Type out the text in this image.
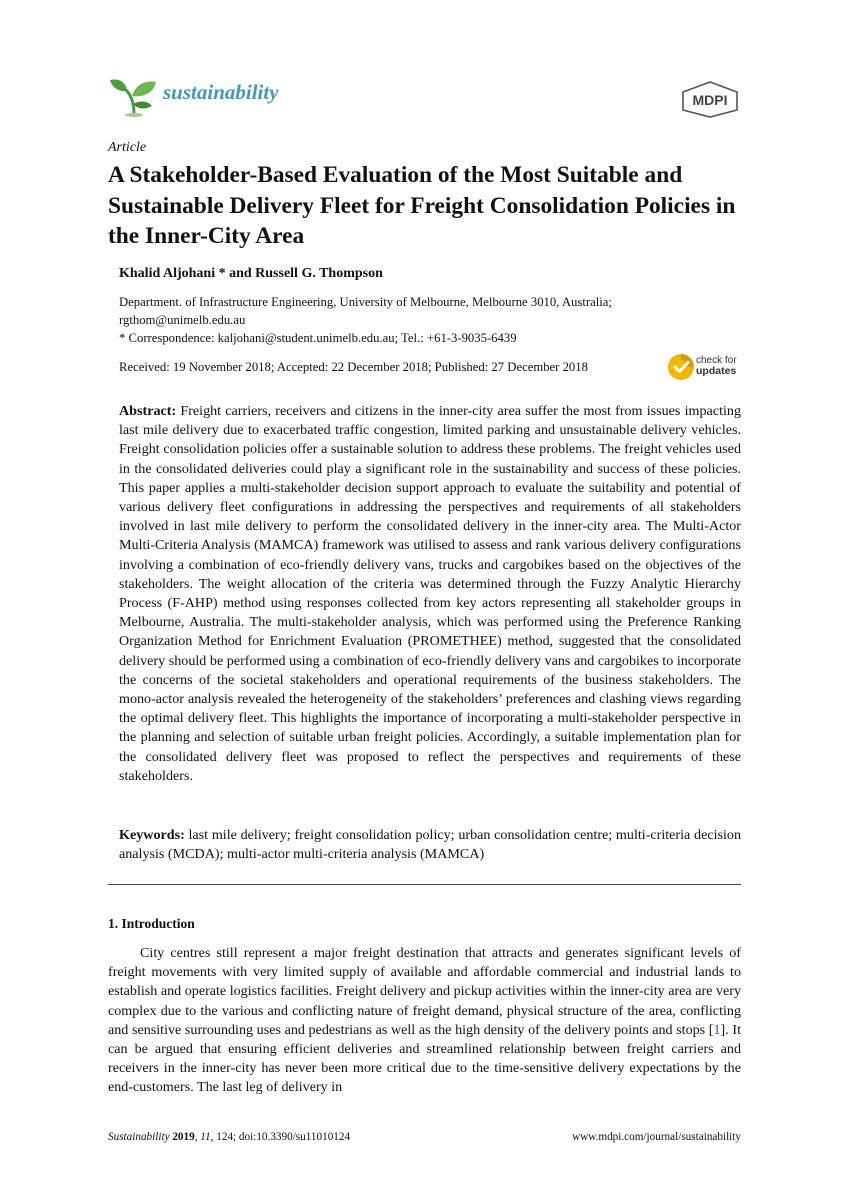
sustainability	MDPI
Article
A Stakeholder-Based Evaluation of the Most Suitable and Sustainable Delivery Fleet for Freight Consolidation Policies in the Inner-City Area
Khalid Aljohani * and Russell G. Thompson
Department. of Infrastructure Engineering, University of Melbourne, Melbourne 3010, Australia; rgthom@unimelb.edu.au
* Correspondence: kaljohani@student.unimelb.edu.au; Tel.: +61-3-9035-6439
Received: 19 November 2018; Accepted: 22 December 2018; Published: 27 December 2018	check for
updates
Abstract: Freight carriers, receivers and citizens in the inner-city area suffer the most from issues impacting last mile delivery due to exacerbated traffic congestion, limited parking and unsustainable delivery vehicles. Freight consolidation policies offer a sustainable solution to address these problems. The freight vehicles used in the consolidated deliveries could play a significant role in the sustainability and success of these policies. This paper applies a multi-stakeholder decision support approach to evaluate the suitability and potential of various delivery fleet configurations in addressing the perspectives and requirements of all stakeholders involved in last mile delivery to perform the consolidated delivery in the inner-city area. The Multi-Actor Multi-Criteria Analysis (MAMCA) framework was utilised to assess and rank various delivery configurations involving a combination of eco-friendly delivery vans, trucks and cargobikes based on the objectives of the stakeholders. The weight allocation of the criteria was determined through the Fuzzy Analytic Hierarchy Process (F-AHP) method using responses collected from key actors representing all stakeholder groups in Melbourne, Australia. The multi-stakeholder analysis, which was performed using the Preference Ranking Organization Method for Enrichment Evaluation (PROMETHEE) method, suggested that the consolidated delivery should be performed using a combination of eco-friendly delivery vans and cargobikes to incorporate the concerns of the societal stakeholders and operational requirements of the business stakeholders. The mono-actor analysis revealed the heterogeneity of the stakeholders’ preferences and clashing views regarding the optimal delivery fleet. This highlights the importance of incorporating a multi-stakeholder perspective in the planning and selection of suitable urban freight policies. Accordingly, a suitable implementation plan for the consolidated delivery fleet was proposed to reflect the perspectives and requirements of these stakeholders.
Keywords: last mile delivery; freight consolidation policy; urban consolidation centre; multi-criteria decision analysis (MCDA); multi-actor multi-criteria analysis (MAMCA)
1. Introduction
City centres still represent a major freight destination that attracts and generates significant levels of freight movements with very limited supply of available and affordable commercial and industrial lands to establish and operate logistics facilities. Freight delivery and pickup activities within the inner-city area are very complex due to the various and conflicting nature of freight demand, physical structure of the area, conflicting and sensitive surrounding uses and pedestrians as well as the high density of the delivery points and stops [1]. It can be argued that ensuring efficient deliveries and streamlined relationship between freight carriers and receivers in the inner-city has never been more critical due to the time-sensitive delivery expectations by the end-customers. The last leg of delivery in
Sustainability 2019, 11, 124; doi:10.3390/su11010124	www.mdpi.com/journal/sustainability
